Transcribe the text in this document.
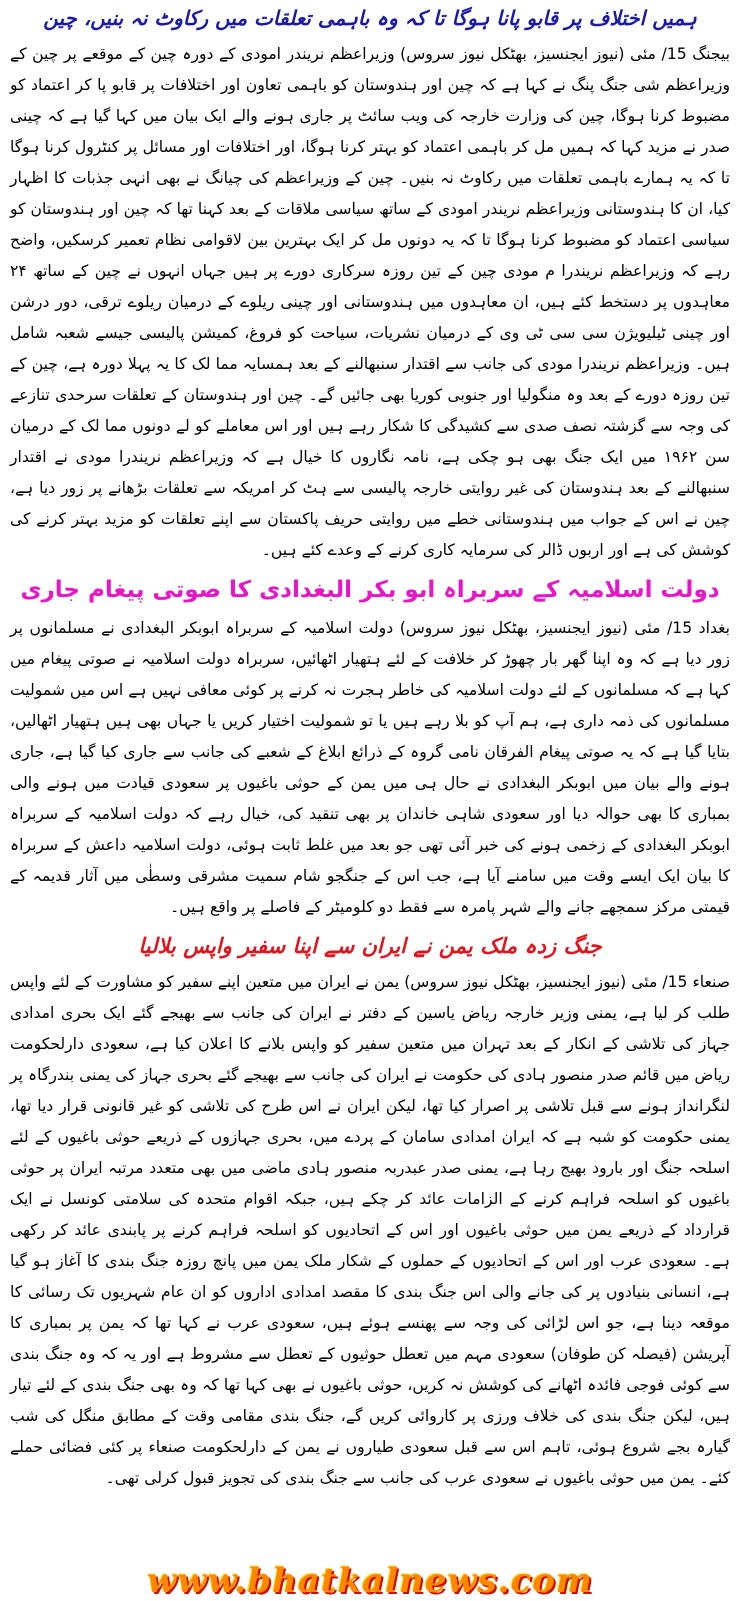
ہمیں اختلاف پر قابو پانا ہوگا تا کہ وہ باہمی تعلقات میں رکاوٹ نہ بنیں، چین

بیجنگ 15/ مئی (نیوز ایجنسیز، بھٹکل نیوز سروس) وزیراعظم نریندر امودی کے دورہ چین کے موقعے پر چین کے وزیراعظم شی جنگ پنگ نے کہا ہے کہ چین اور ہندوستان کو باہمی تعاون اور اختلافات پر قابو پا کر اعتماد کو مضبوط کرنا ہوگا، چین کی وزارت خارجہ کی ویب سائٹ پر جاری ہونے والے ایک بیان میں کہا گیا ہے کہ چینی صدر نے مزید کہا کہ ہمیں مل کر باہمی اعتماد کو بہتر کرنا ہوگا، اور اختلافات اور مسائل پر کنٹرول کرنا ہوگا تا کہ یہ ہمارے باہمی تعلقات میں رکاوٹ نہ بنیں۔ چین کے وزیراعظم کی چیانگ نے بھی انہی جذبات کا اظہار کیا، ان کا ہندوستانی وزیراعظم نریندر امودی کے ساتھ سیاسی ملاقات کے بعد کہنا تھا کہ چین اور ہندوستان کو سیاسی اعتماد کو مضبوط کرنا ہوگا تا کہ یہ دونوں مل کر ایک بہترین بین لاقوامی نظام تعمیر کرسکیں، واضح رہے کہ وزیراعظم نریندرا م مودی چین کے تین روزہ سرکاری دورے پر ہیں جہاں انہوں نے چین کے ساتھ ۲۴ معاہدوں پر دستخط کئے ہیں، ان معاہدوں میں ہندوستانی اور چینی ریلوے کے درمیان ریلوے ترقی، دور درشن اور چینی ٹیلیویژن سی سی ٹی وی کے درمیان نشریات، سیاحت کو فروغ، کمیشن پالیسی جیسے شعبہ شامل ہیں۔ وزیراعظم نریندرا مودی کی جانب سے اقتدار سنبھالنے کے بعد ہمسایہ مما لک کا یہ پہلا دورہ ہے، چین کے تین روزہ دورے کے بعد وہ منگولیا اور جنوبی کوریا بھی جائیں گے۔ چین اور ہندوستان کے تعلقات سرحدی تنازعے کی وجہ سے گزشتہ نصف صدی سے کشیدگی کا شکار رہے ہیں اور اس معاملے کو لے دونوں مما لک کے درمیان سن ۱۹۶۲ میں ایک جنگ بھی ہو چکی ہے، نامہ نگاروں کا خیال ہے کہ وزیراعظم نریندرا مودی نے اقتدار سنبھالنے کے بعد ہندوستان کی غیر روایتی خارجہ پالیسی سے ہٹ کر امریکہ سے تعلقات بڑھانے پر زور دیا ہے، چین نے اس کے جواب میں ہندوستانی خطے میں روایتی حریف پاکستان سے اپنے تعلقات کو مزید بہتر کرنے کی کوشش کی ہے اور اربوں ڈالر کی سرمایہ کاری کرنے کے وعدے کئے ہیں۔

دولت اسلامیہ کے سربراہ ابو بکر البغدادی کا صوتی پیغام جاری

بغداد 15/ مئی (نیوز ایجنسیز، بھٹکل نیوز سروس) دولت اسلامیہ کے سربراہ ابوبکر البغدادی نے مسلمانوں پر زور دیا ہے کہ وہ اپنا گھر بار چھوڑ کر خلافت کے لئے ہتھیار اٹھائیں، سربراہ دولت اسلامیہ نے صوتی پیغام میں کہا ہے کہ مسلمانوں کے لئے دولت اسلامیہ کی خاطر ہجرت نہ کرنے پر کوئی معافی نہیں ہے اس میں شمولیت مسلمانوں کی ذمہ داری ہے، ہم آپ کو بلا رہے ہیں یا تو شمولیت اختیار کریں یا جہاں بھی ہیں ہتھیار اٹھالیں، بتایا گیا ہے کہ یہ صوتی پیغام الفرقان نامی گروہ کے ذرائع ابلاغ کے شعبے کی جانب سے جاری کیا گیا ہے، جاری ہونے والے بیان میں ابوبکر البغدادی نے حال ہی میں یمن کے حوثی باغیوں پر سعودی قیادت میں ہونے والی بمباری کا بھی حوالہ دیا اور سعودی شاہی خاندان پر بھی تنقید کی، خیال رہے کہ دولت اسلامیہ کے سربراہ ابوبکر البغدادی کے زخمی ہونے کی خبر آئی تھی جو بعد میں غلط ثابت ہوئی، دولت اسلامیہ داعش کے سربراہ کا بیان ایک ایسے وقت میں سامنے آیا ہے، جب اس کے جنگجو شام سمیت مشرقی وسطٰی میں آثار قدیمہ کے قیمتی مرکز سمجھے جانے والے شہر پامرہ سے فقط دو کلومیٹر کے فاصلے پر واقع ہیں۔

جنگ زدہ ملک یمن نے ایران سے اپنا سفیر واپس بلالیا

صنعاء 15/ مئی (نیوز ایجنسیز، بھٹکل نیوز سروس) یمن نے ایران میں متعین اپنے سفیر کو مشاورت کے لئے واپس طلب کر لیا ہے، یمنی وزیر خارجہ ریاض یاسین کے دفتر نے ایران کی جانب سے بھیجے گئے ایک بحری امدادی جہاز کی تلاشی کے انکار کے بعد تہران میں متعین سفیر کو واپس بلانے کا اعلان کیا ہے، سعودی دارلحکومت ریاض میں قائم صدر منصور ہادی کی حکومت نے ایران کی جانب سے بھیجے گئے بحری جہاز کی یمنی بندرگاہ پر لنگرانداز ہونے سے قبل تلاشی پر اصرار کیا تھا، لیکن ایران نے اس طرح کی تلاشی کو غیر قانونی قرار دیا تھا، یمنی حکومت کو شبہ ہے کہ ایران امدادی سامان کے پردے میں، بحری جہازوں کے ذریعے حوثی باغیوں کے لئے اسلحہ جنگ اور بارود بھیج رہا ہے، یمنی صدر عبدربہ منصور ہادی ماضی میں بھی متعدد مرتبہ ایران پر حوثی باغیوں کو اسلحہ فراہم کرنے کے الزامات عائد کر چکے ہیں، جبکہ اقوام متحدہ کی سلامتی کونسل نے ایک قرارداد کے ذریعے یمن میں حوثی باغیوں اور اس کے اتحادیوں کو اسلحہ فراہم کرنے پر پابندی عائد کر رکھی ہے۔ سعودی عرب اور اس کے اتحادیوں کے حملوں کے شکار ملک یمن میں پانچ روزہ جنگ بندی کا آغاز ہو گیا ہے، انسانی بنیادوں پر کی جانے والی اس جنگ بندی کا مقصد امدادی اداروں کو ان عام شہریوں تک رسائی کا موقعہ دینا ہے، جو اس لڑائی کی وجہ سے پھنسے ہوئے ہیں، سعودی عرب نے کہا تھا کہ یمن پر بمباری کا آپریشن (فیصلہ کن طوفان) سعودی مہم میں تعطل حوثیوں کے تعطل سے مشروط ہے اور یہ کہ وہ جنگ بندی سے کوئی فوجی فائدہ اٹھانے کی کوشش نہ کریں، حوثی باغیوں نے بھی کہا تھا کہ وہ بھی جنگ بندی کے لئے تیار ہیں، لیکن جنگ بندی کی خلاف ورزی پر کاروائی کریں گے، جنگ بندی مقامی وقت کے مطابق منگل کی شب گیارہ بجے شروع ہوئی، تاہم اس سے قبل سعودی طیاروں نے یمن کے دارلحکومت صنعاء پر کئی فضائی حملے کئے۔ یمن میں حوثی باغیوں نے سعودی عرب کی جانب سے جنگ بندی کی تجویز قبول کرلی تھی۔

www.bhatkalnews.com
